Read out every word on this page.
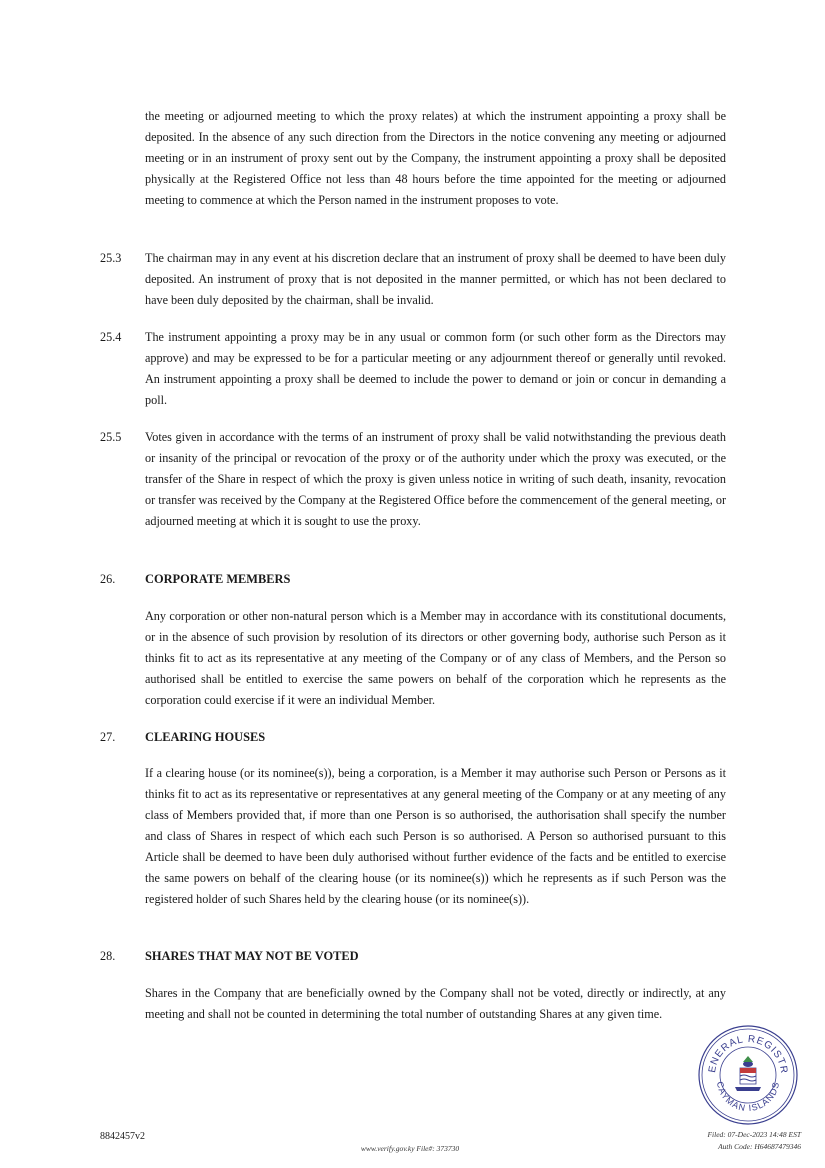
the meeting or adjourned meeting to which the proxy relates) at which the instrument appointing a proxy shall be deposited. In the absence of any such direction from the Directors in the notice convening any meeting or adjourned meeting or in an instrument of proxy sent out by the Company, the instrument appointing a proxy shall be deposited physically at the Registered Office not less than 48 hours before the time appointed for the meeting or adjourned meeting to commence at which the Person named in the instrument proposes to vote.

25.3 The chairman may in any event at his discretion declare that an instrument of proxy shall be deemed to have been duly deposited. An instrument of proxy that is not deposited in the manner permitted, or which has not been declared to have been duly deposited by the chairman, shall be invalid.

25.4 The instrument appointing a proxy may be in any usual or common form (or such other form as the Directors may approve) and may be expressed to be for a particular meeting or any adjournment thereof or generally until revoked. An instrument appointing a proxy shall be deemed to include the power to demand or join or concur in demanding a poll.

25.5 Votes given in accordance with the terms of an instrument of proxy shall be valid notwithstanding the previous death or insanity of the principal or revocation of the proxy or of the authority under which the proxy was executed, or the transfer of the Share in respect of which the proxy is given unless notice in writing of such death, insanity, revocation or transfer was received by the Company at the Registered Office before the commencement of the general meeting, or adjourned meeting at which it is sought to use the proxy.

26. CORPORATE MEMBERS

Any corporation or other non-natural person which is a Member may in accordance with its constitutional documents, or in the absence of such provision by resolution of its directors or other governing body, authorise such Person as it thinks fit to act as its representative at any meeting of the Company or of any class of Members, and the Person so authorised shall be entitled to exercise the same powers on behalf of the corporation which he represents as the corporation could exercise if it were an individual Member.

27. CLEARING HOUSES

If a clearing house (or its nominee(s)), being a corporation, is a Member it may authorise such Person or Persons as it thinks fit to act as its representative or representatives at any general meeting of the Company or at any meeting of any class of Members provided that, if more than one Person is so authorised, the authorisation shall specify the number and class of Shares in respect of which each such Person is so authorised. A Person so authorised pursuant to this Article shall be deemed to have been duly authorised without further evidence of the facts and be entitled to exercise the same powers on behalf of the clearing house (or its nominee(s)) which he represents as if such Person was the registered holder of such Shares held by the clearing house (or its nominee(s)).

28. SHARES THAT MAY NOT BE VOTED

Shares in the Company that are beneficially owned by the Company shall not be voted, directly or indirectly, at any meeting and shall not be counted in determining the total number of outstanding Shares at any given time.

ENERAL REGISTR
CAYMAN ISLANDS
8842457v2
www.verify.gov.ky File#: 373730
Filed: 07-Dec-2023 14:48 EST
Auth Code: H64687479346
